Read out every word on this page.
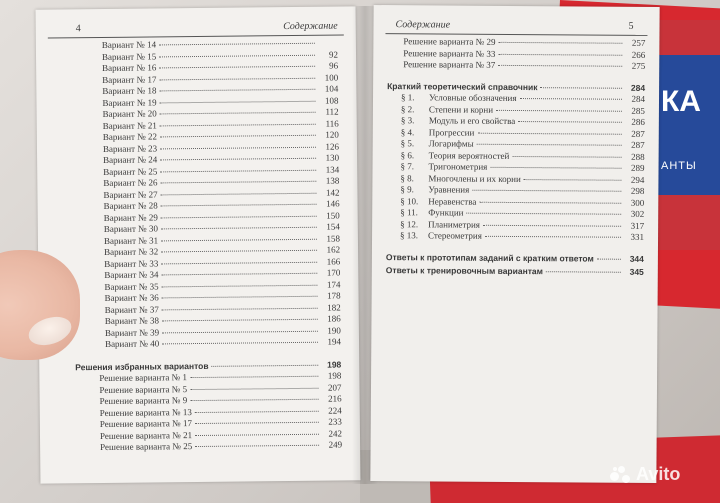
КА
АНТЫ
4	Содержание
Вариант № 14
Вариант № 15	92
Вариант № 16	96
Вариант № 17	100
Вариант № 18	104
Вариант № 19	108
Вариант № 20	112
Вариант № 21	116
Вариант № 22	120
Вариант № 23	126
Вариант № 24	130
Вариант № 25	134
Вариант № 26	138
Вариант № 27	142
Вариант № 28	146
Вариант № 29	150
Вариант № 30	154
Вариант № 31	158
Вариант № 32	162
Вариант № 33	166
Вариант № 34	170
Вариант № 35	174
Вариант № 36	178
Вариант № 37	182
Вариант № 38	186
Вариант № 39	190
Вариант № 40	194
Решения избранных вариантов	198
Решение варианта № 1	198
Решение варианта № 5	207
Решение варианта № 9	216
Решение варианта № 13	224
Решение варианта № 17	233
Решение варианта № 21	242
Решение варианта № 25	249
Содержание	5
Решение варианта № 29	257
Решение варианта № 33	266
Решение варианта № 37	275
Краткий теоретический справочник	284
§ 1.	Условные обозначения	284
§ 2.	Степени и корни	285
§ 3.	Модуль и его свойства	286
§ 4.	Прогрессии	287
§ 5.	Логарифмы	287
§ 6.	Теория вероятностей	288
§ 7.	Тригонометрия	289
§ 8.	Многочлены и их корни	294
§ 9.	Уравнения	298
§ 10.	Неравенства	300
§ 11.	Функции	302
§ 12.	Планиметрия	317
§ 13.	Стереометрия	331
Ответы к прототипам заданий с кратким ответом	344
Ответы к тренировочным вариантам	345
Avito
